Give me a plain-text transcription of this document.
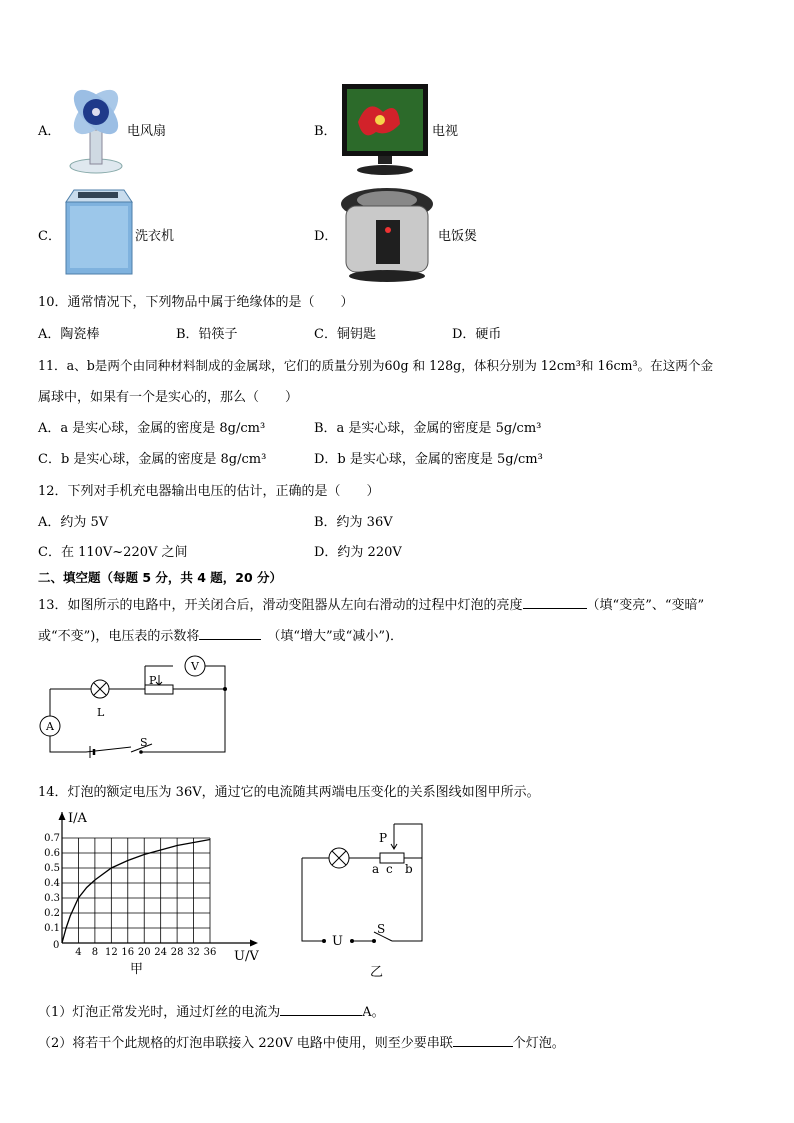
A．	电风扇	B．	电视
C．	洗衣机	D．	电饭煲
10．通常情况下，下列物品中属于绝缘体的是（　　）
A．陶瓷棒	B．铅筷子	C．铜钥匙	D．硬币
11．a、b是两个由同种材料制成的金属球，它们的质量分别为60g 和 128g，体积分别为 12cm³和 16cm³。在这两个金
属球中，如果有一个是实心的，那么（　　）
A．a 是实心球，金属的密度是 8g/cm³	B．a 是实心球，金属的密度是 5g/cm³
C．b 是实心球，金属的密度是 8g/cm³	D．b 是实心球，金属的密度是 5g/cm³
12．下列对手机充电器输出电压的估计，正确的是（　　）
A．约为 5V	B．约为 36V
C．在 110V~220V 之间	D．约为 220V
二、填空题（每题 5 分，共 4 题，20 分）
13．如图所示的电路中，开关闭合后，滑动变阻器从左向右滑动的过程中灯泡的亮度	（填“变亮”、“变暗”
或“不变”)，电压表的示数将	（填“增大”或“减小”)．
V
A
L
P
S
14．灯泡的额定电压为 36V，通过它的电流随其两端电压变化的关系图线如图甲所示。
4 8 12 16 20 24 28 32 36
0.1
0.2
0.3
0.4
0.5
0.6
0.7
I/A
U/V
0
甲
P
a c b
U
S
乙
（1）灯泡正常发光时，通过灯丝的电流为	A。
（2）将若干个此规格的灯泡串联接入 220V 电路中使用，则至少要串联	个灯泡。
